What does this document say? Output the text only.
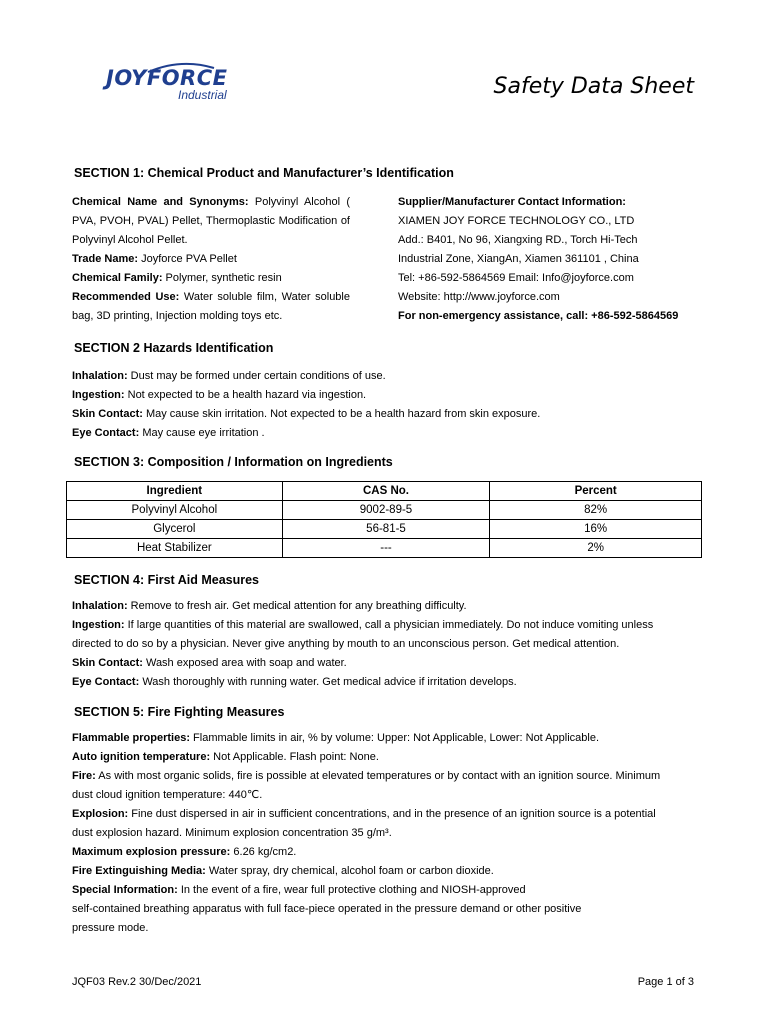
JOYFORCE
Industrial	Safety Data Sheet
SECTION 1: Chemical Product and Manufacturer’s Identification

Chemical Name and Synonyms: Polyvinyl Alcohol ( PVA, PVOH, PVAL) Pellet, Thermoplastic Modification of Polyvinyl Alcohol Pellet.

Trade Name: Joyforce PVA Pellet

Chemical Family: Polymer, synthetic resin

Recommended Use: Water soluble film, Water soluble bag, 3D printing, Injection molding toys etc.

Supplier/Manufacturer Contact Information:

XIAMEN JOY FORCE TECHNOLOGY CO., LTD

Add.: B401, No 96, Xiangxing RD., Torch Hi-Tech

Industrial Zone, XiangAn, Xiamen 361101 , China

Tel: +86-592-5864569 Email: Info@joyforce.com

Website: http://www.joyforce.com

For non-emergency assistance, call: +86-592-5864569

SECTION 2 Hazards Identification
Inhalation: Dust may be formed under certain conditions of use.
Ingestion: Not expected to be a health hazard via ingestion.
Skin Contact: May cause skin irritation. Not expected to be a health hazard from skin exposure.
Eye Contact: May cause eye irritation .
SECTION 3: Composition / Information on Ingredients
Ingredient	CAS No.	Percent
Polyvinyl Alcohol	9002-89-5	82%
Glycerol	56-81-5	16%
Heat Stabilizer	---	2%
SECTION 4: First Aid Measures
Inhalation: Remove to fresh air. Get medical attention for any breathing difficulty.
Ingestion: If large quantities of this material are swallowed, call a physician immediately. Do not induce vomiting unless
directed to do so by a physician. Never give anything by mouth to an unconscious person. Get medical attention.
Skin Contact: Wash exposed area with soap and water.
Eye Contact: Wash thoroughly with running water. Get medical advice if irritation develops.
SECTION 5: Fire Fighting Measures
Flammable properties: Flammable limits in air, % by volume: Upper: Not Applicable, Lower: Not Applicable.
Auto ignition temperature: Not Applicable. Flash point: None.
Fire: As with most organic solids, fire is possible at elevated temperatures or by contact with an ignition source. Minimum
dust cloud ignition temperature: 440℃.
Explosion: Fine dust dispersed in air in sufficient concentrations, and in the presence of an ignition source is a potential
dust explosion hazard. Minimum explosion concentration 35 g/m³.
Maximum explosion pressure: 6.26 kg/cm2.
Fire Extinguishing Media: Water spray, dry chemical, alcohol foam or carbon dioxide.
Special Information: In the event of a fire, wear full protective clothing and NIOSH-approved
self-contained breathing apparatus with full face-piece operated in the pressure demand or other positive
pressure mode.
JQF03 Rev.2 30/Dec/2021	Page 1 of 3
